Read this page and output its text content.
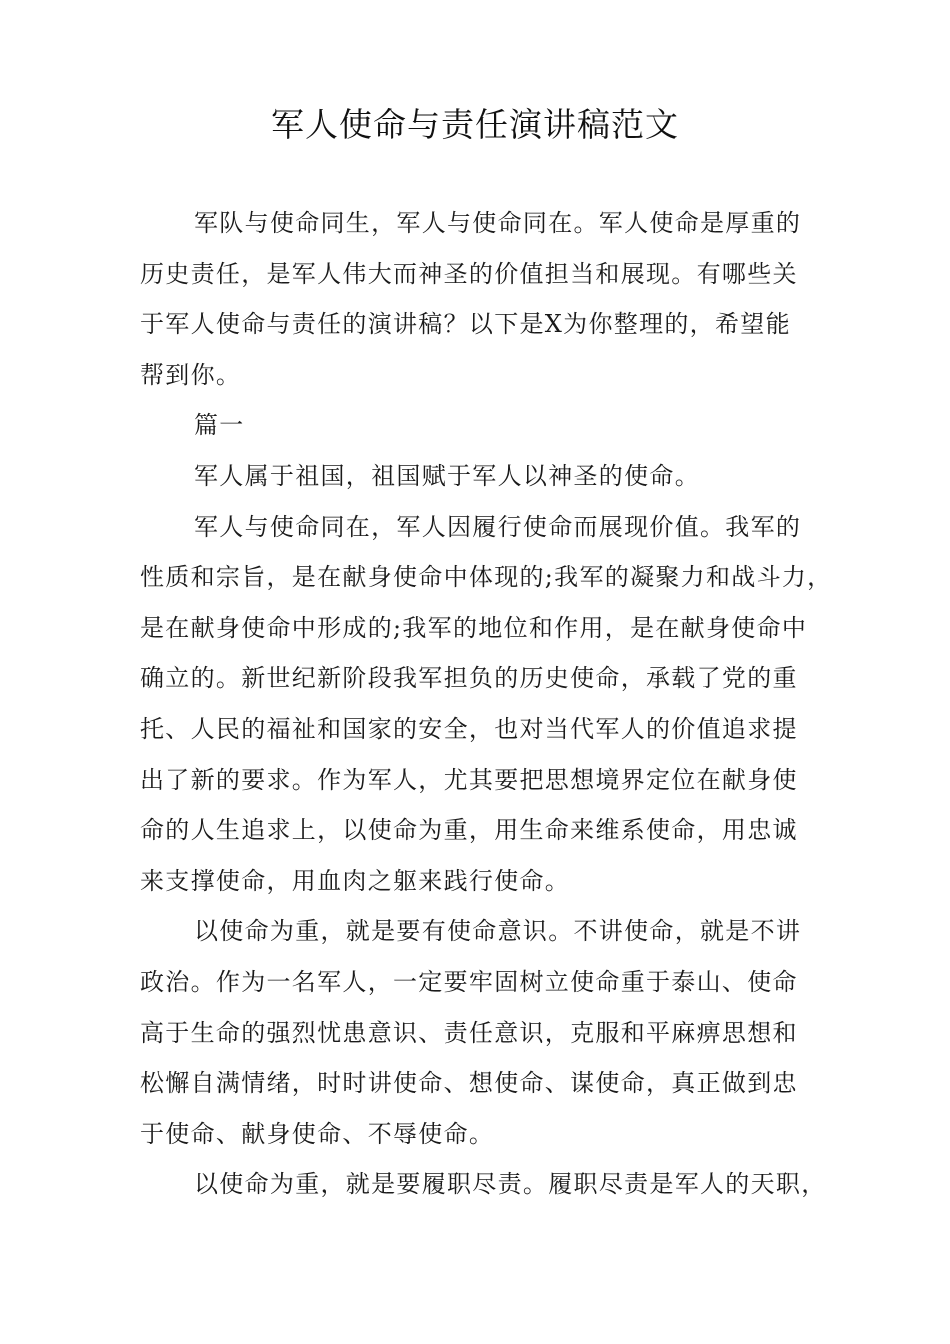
军人使命与责任演讲稿范文
军队与使命同生，军人与使命同在。军人使命是厚重的
历史责任，是军人伟大而神圣的价值担当和展现。有哪些关
于军人使命与责任的演讲稿？以下是X为你整理的，希望能
帮到你。
篇一
军人属于祖国，祖国赋于军人以神圣的使命。
军人与使命同在，军人因履行使命而展现价值。我军的
性质和宗旨，是在献身使命中体现的;我军的凝聚力和战斗力，
是在献身使命中形成的;我军的地位和作用，是在献身使命中
确立的。新世纪新阶段我军担负的历史使命，承载了党的重
托、人民的福祉和国家的安全，也对当代军人的价值追求提
出了新的要求。作为军人，尤其要把思想境界定位在献身使
命的人生追求上，以使命为重，用生命来维系使命，用忠诚
来支撑使命，用血肉之躯来践行使命。
以使命为重，就是要有使命意识。不讲使命，就是不讲
政治。作为一名军人，一定要牢固树立使命重于泰山、使命
高于生命的强烈忧患意识、责任意识，克服和平麻痹思想和
松懈自满情绪，时时讲使命、想使命、谋使命，真正做到忠
于使命、献身使命、不辱使命。
以使命为重，就是要履职尽责。履职尽责是军人的天职，
